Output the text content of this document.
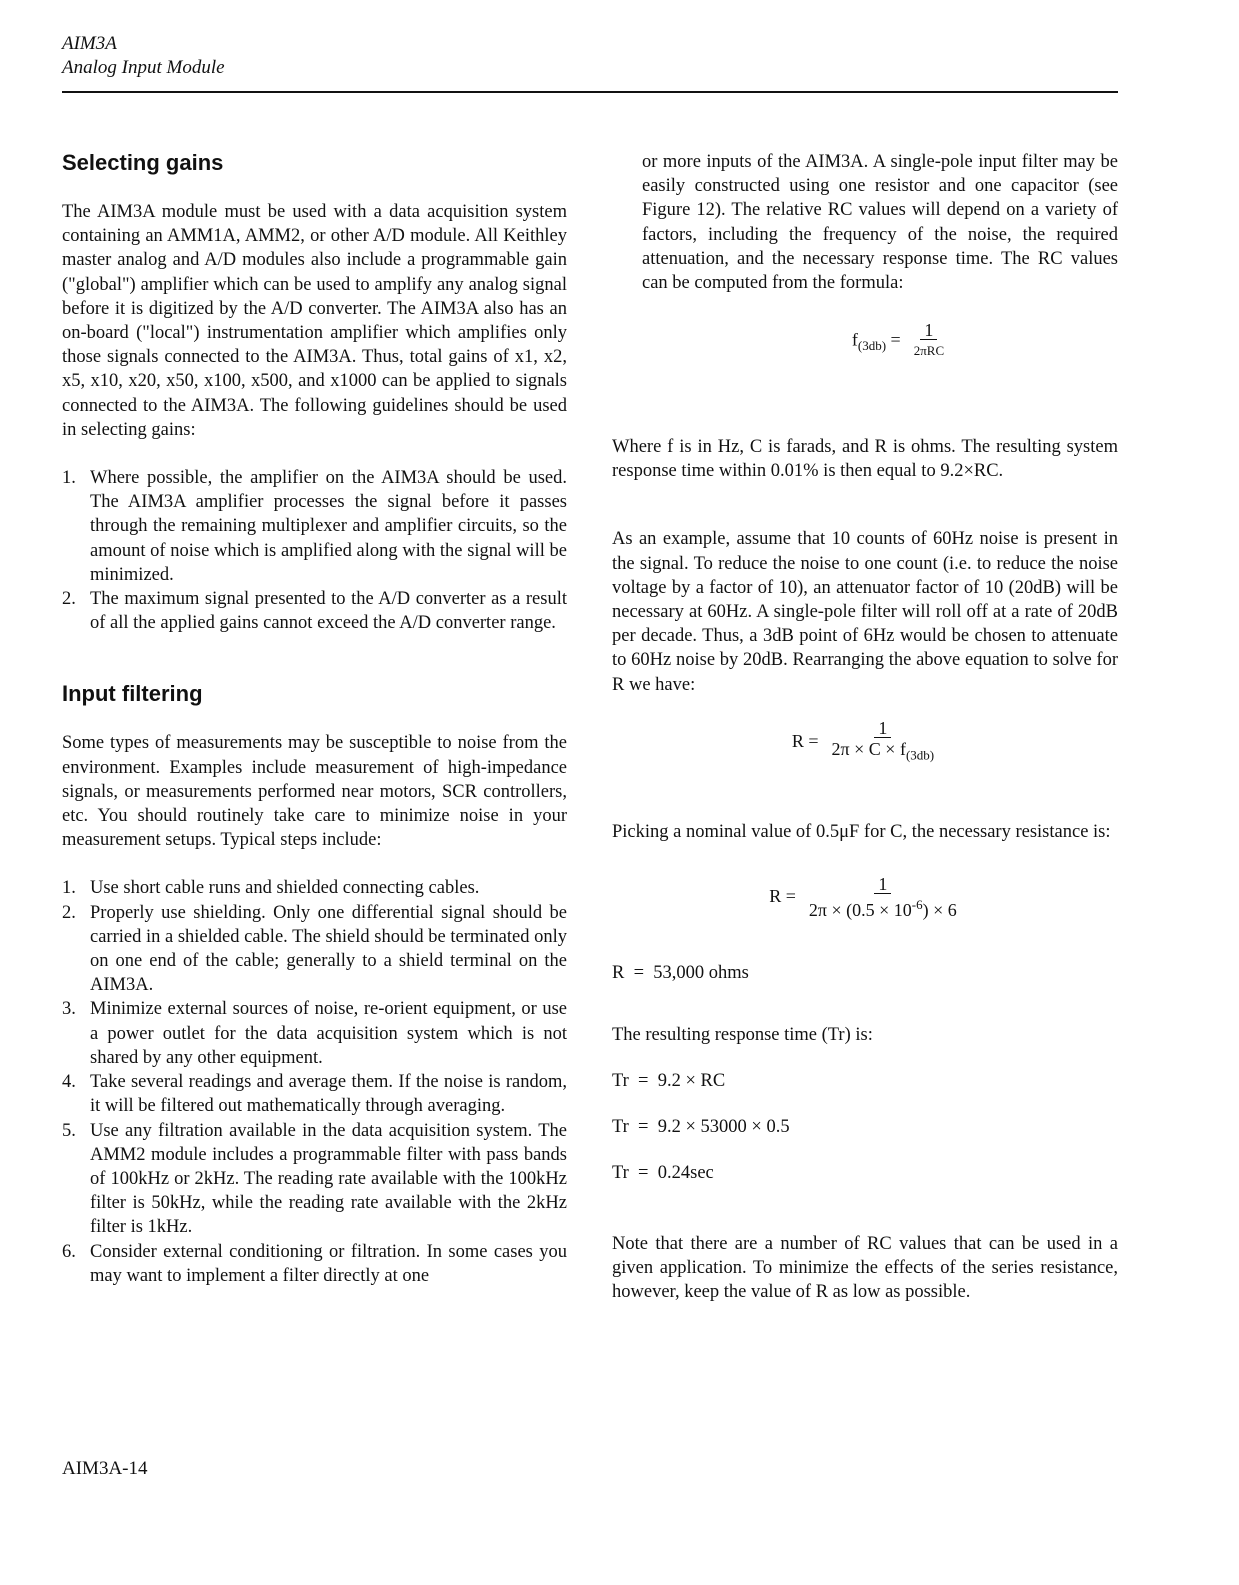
AIM3A
Analog Input Module
Selecting gains

The AIM3A module must be used with a data acquisition system containing an AMM1A, AMM2, or other A/D module. All Keithley master analog and A/D modules also include a programmable gain ("global") amplifier which can be used to amplify any analog signal before it is digitized by the A/D converter. The AIM3A also has an on-board ("local") instrumentation amplifier which amplifies only those signals connected to the AIM3A. Thus, total gains of x1, x2, x5, x10, x20, x50, x100, x500, and x1000 can be applied to signals connected to the AIM3A. The following guidelines should be used in selecting gains:

1. Where possible, the amplifier on the AIM3A should be used. The AIM3A amplifier processes the signal before it passes through the remaining multiplexer and amplifier circuits, so the amount of noise which is amplified along with the signal will be minimized.
2. The maximum signal presented to the A/D converter as a result of all the applied gains cannot exceed the A/D converter range.
Input filtering

Some types of measurements may be susceptible to noise from the environment. Examples include measurement of high-impedance signals, or measurements performed near motors, SCR controllers, etc. You should routinely take care to minimize noise in your measurement setups. Typical steps include:

1. Use short cable runs and shielded connecting cables.
2. Properly use shielding. Only one differential signal should be carried in a shielded cable. The shield should be terminated only on one end of the cable; generally to a shield terminal on the AIM3A.
3. Minimize external sources of noise, re-orient equipment, or use a power outlet for the data acquisition system which is not shared by any other equipment.
4. Take several readings and average them. If the noise is random, it will be filtered out mathematically through averaging.
5. Use any filtration available in the data acquisition system. The AMM2 module includes a programmable filter with pass bands of 100kHz or 2kHz. The reading rate available with the 100kHz filter is 50kHz, while the reading rate available with the 2kHz filter is 1kHz.
6. Consider external conditioning or filtration. In some cases you may want to implement a filter directly at one

or more inputs of the AIM3A. A single-pole input filter may be easily constructed using one resistor and one capacitor (see Figure 12). The relative RC values will depend on a variety of factors, including the frequency of the noise, the required attenuation, and the necessary response time. The RC values can be computed from the formula:

$f_{(3db)} = \frac{1}{\text{2πRC}}$

Where f is in Hz, C is farads, and R is ohms. The resulting system response time within 0.01% is then equal to 9.2×RC.

As an example, assume that 10 counts of 60Hz noise is present in the signal. To reduce the noise to one count (i.e. to reduce the noise voltage by a factor of 10), an attenuator factor of 10 (20dB) will be necessary at 60Hz. A single-pole filter will roll off at a rate of 20dB per decade. Thus, a 3dB point of 6Hz would be chosen to attenuate to 60Hz noise by 20dB. Rearranging the above equation to solve for R we have:

$R = \frac{1}{2\pi \times C \times f_{(3db)}}$

Picking a nominal value of 0.5μF for C, the necessary resistance is:

$R = \frac{1}{2\pi \times (0.5 \times 10^{-6}) \times 6}$

R  =  53,000 ohms

The resulting response time (Tr) is:

Tr  =  9.2 × RC

Tr  =  9.2 × 53000 × 0.5

Tr  =  0.24sec

Note that there are a number of RC values that can be used in a given application. To minimize the effects of the series resistance, however, keep the value of R as low as possible.

AIM3A-14
